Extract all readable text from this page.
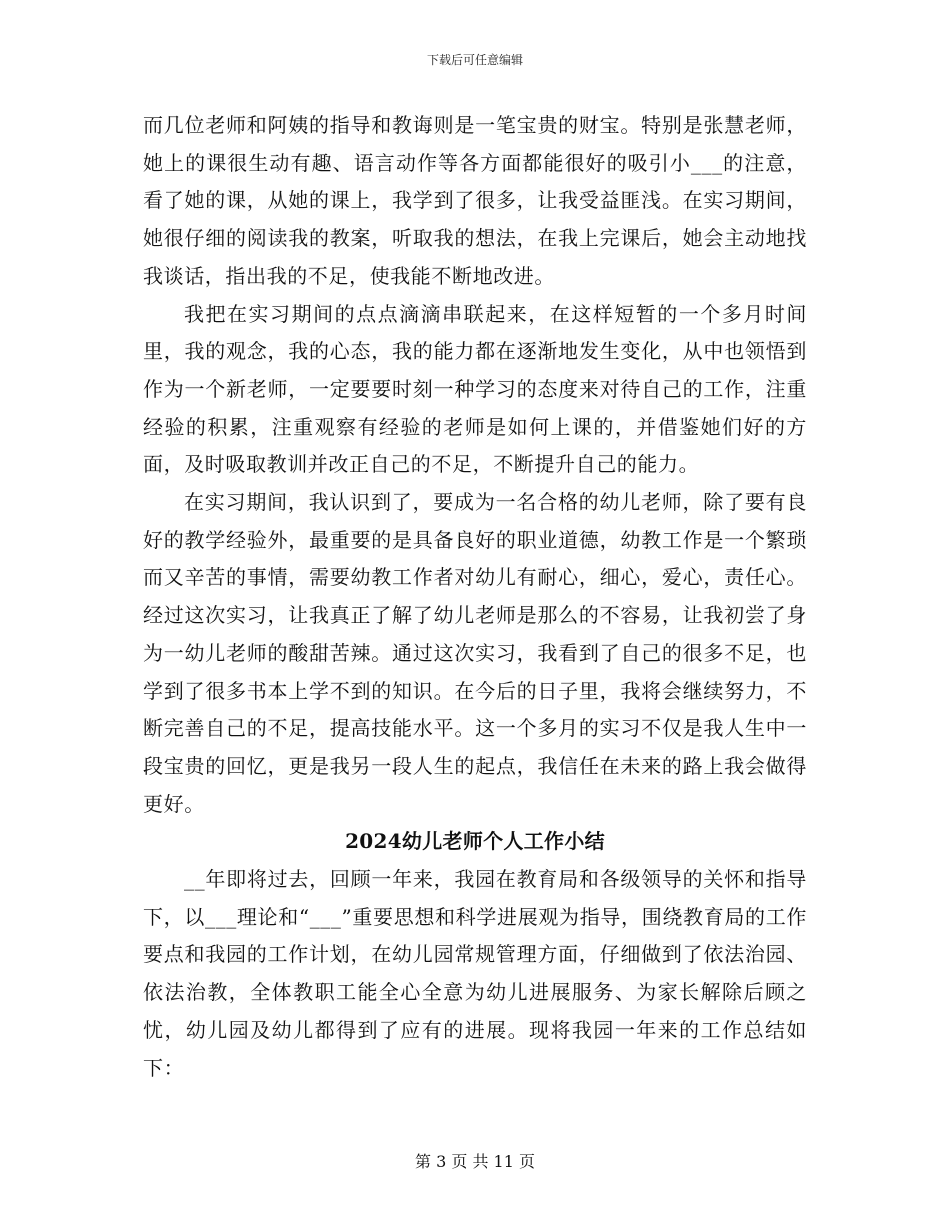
下载后可任意编辑

而几位老师和阿姨的指导和教诲则是一笔宝贵的财宝。特别是张慧老师，她上的课很生动有趣、语言动作等各方面都能很好的吸引小___的注意，看了她的课，从她的课上，我学到了很多，让我受益匪浅。在实习期间，她很仔细的阅读我的教案，听取我的想法，在我上完课后，她会主动地找我谈话，指出我的不足，使我能不断地改进。

我把在实习期间的点点滴滴串联起来，在这样短暂的一个多月时间里，我的观念，我的心态，我的能力都在逐渐地发生变化，从中也领悟到作为一个新老师，一定要要时刻一种学习的态度来对待自己的工作，注重经验的积累，注重观察有经验的老师是如何上课的，并借鉴她们好的方面，及时吸取教训并改正自己的不足，不断提升自己的能力。

在实习期间，我认识到了，要成为一名合格的幼儿老师，除了要有良好的教学经验外，最重要的是具备良好的职业道德，幼教工作是一个繁琐而又辛苦的事情，需要幼教工作者对幼儿有耐心，细心，爱心，责任心。经过这次实习，让我真正了解了幼儿老师是那么的不容易，让我初尝了身为一幼儿老师的酸甜苦辣。通过这次实习，我看到了自己的很多不足，也学到了很多书本上学不到的知识。在今后的日子里，我将会继续努力，不断完善自己的不足，提高技能水平。这一个多月的实习不仅是我人生中一段宝贵的回忆，更是我另一段人生的起点，我信任在未来的路上我会做得更好。

2024幼儿老师个人工作小结

__年即将过去，回顾一年来，我园在教育局和各级领导的关怀和指导下，以___理论和“___”重要思想和科学进展观为指导，围绕教育局的工作要点和我园的工作计划，在幼儿园常规管理方面，仔细做到了依法治园、依法治教，全体教职工能全心全意为幼儿进展服务、为家长解除后顾之忧，幼儿园及幼儿都得到了应有的进展。现将我园一年来的工作总结如下：

第 3 页 共 11 页
